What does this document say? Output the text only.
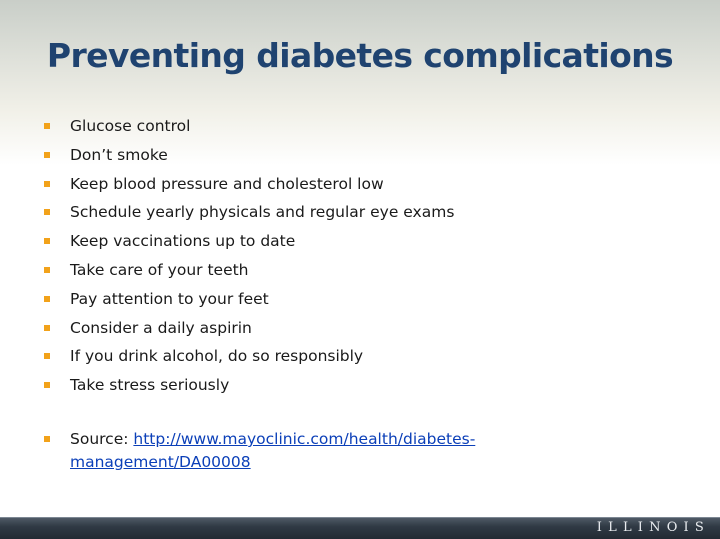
Preventing diabetes complications
Glucose control
Don’t smoke
Keep blood pressure and cholesterol low
Schedule yearly physicals and regular eye exams
Keep vaccinations up to date
Take care of your teeth
Pay attention to your feet
Consider a daily aspirin
If you drink alcohol, do so responsibly
Take stress seriously
Source: http://www.mayoclinic.com/health/diabetes-
management/DA00008
ILLINOIS
